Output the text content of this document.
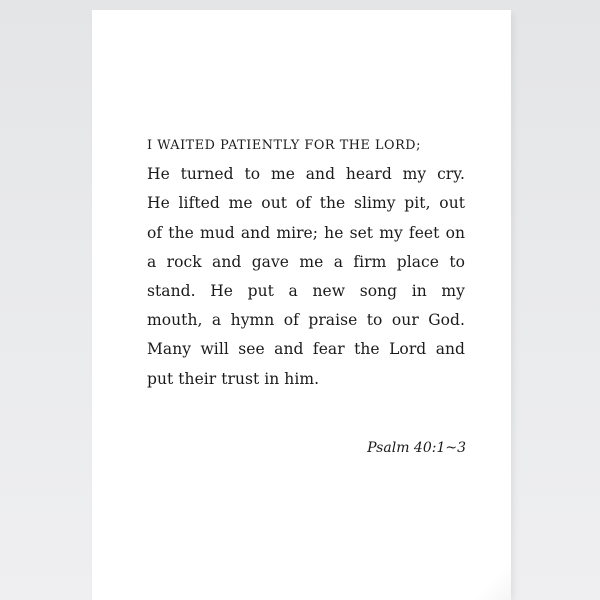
I WAITED PATIENTLY FOR THE LORD;
He turned to me and heard my cry.
He lifted me out of the slimy pit, out
of the mud and mire; he set my feet on
a rock and gave me a firm place to
stand. He put a new song in my
mouth, a hymn of praise to our God.
Many will see and fear the Lord and
put their trust in him.
Psalm 40:1~3
